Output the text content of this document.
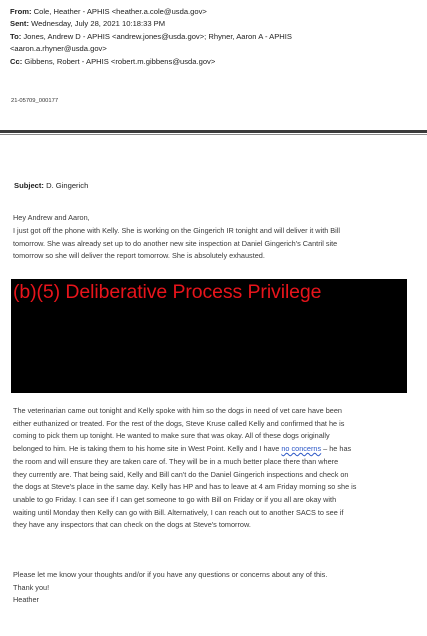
From: Cole, Heather - APHIS <heather.a.cole@usda.gov>
Sent: Wednesday, July 28, 2021 10:18:33 PM
To: Jones, Andrew D - APHIS <andrew.jones@usda.gov>; Rhyner, Aaron A - APHIS
<aaron.a.rhyner@usda.gov>
Cc: Gibbens, Robert - APHIS <robert.m.gibbens@usda.gov>
21-05709_000177
Subject: D. Gingerich

Hey Andrew and Aaron,

I just got off the phone with Kelly. She is working on the Gingerich IR tonight and will deliver it with Bill
tomorrow. She was already set up to do another new site inspection at Daniel Gingerich's Cantril site
tomorrow so she will deliver the report tomorrow. She is absolutely exhausted.

(b)(5) Deliberative Process Privilege

The veterinarian came out tonight and Kelly spoke with him so the dogs in need of vet care have been
either euthanized or treated. For the rest of the dogs, Steve Kruse called Kelly and confirmed that he is
coming to pick them up tonight. He wanted to make sure that was okay. All of these dogs originally
belonged to him. He is taking them to his home site in West Point. Kelly and I have no concerns – he has
the room and will ensure they are taken care of. They will be in a much better place there than where
they currently are. That being said, Kelly and Bill can't do the Daniel Gingerich inspections and check on
the dogs at Steve's place in the same day. Kelly has HP and has to leave at 4 am Friday morning so she is
unable to go Friday. I can see if I can get someone to go with Bill on Friday or if you all are okay with
waiting until Monday then Kelly can go with Bill. Alternatively, I can reach out to another SACS to see if
they have any inspectors that can check on the dogs at Steve's tomorrow.

Please let me know your thoughts and/or if you have any questions or concerns about any of this.
Thank you!
Heather
